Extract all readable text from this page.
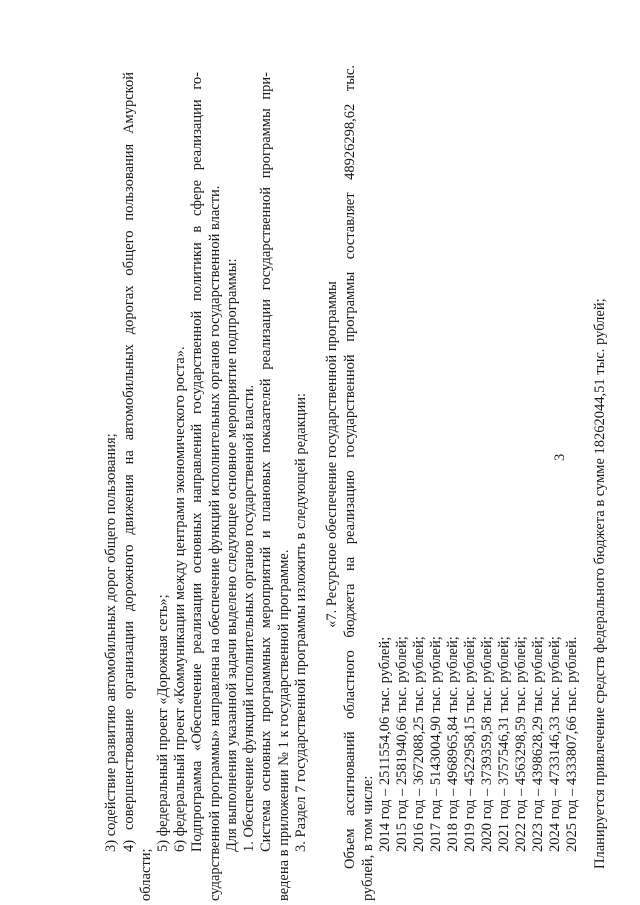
3
3) содействие развитию автомобильных дорог общего пользования; 4) совершенствование организации дорожного движения на автомобильных дорогах общего пользования Амурской
области;
5) федеральный проект «Дорожная сеть»; 6) федеральный проект «Коммуникации между центрами экономического роста». Подпрограмма «Обеспечение реализации основных направлений государственной политики в сфере реализации го- сударственной программы» направлена на обеспечение функций исполнительных органов государственной власти. Для выполнения указанной задачи выделено следующее основное мероприятие подпрограммы: 1. Обеспечение функций исполнительных органов государственной власти. Система основных программных мероприятий и плановых показателей реализации государственной программы при- ведена в приложении № 1 к государственной программе. 3. Раздел 7 государственной программы изложить в следующей редакции: «7. Ресурсное обеспечение государственной программы Объем ассигнований областного бюджета на реализацию государственной программы составляет 48926298,62 тыс. рублей, в том числе: 2014 год – 2511554,06 тыс. рублей; 2015 год – 2581940,66 тыс. рублей; 2016 год – 3672088,25 тыс. рублей; 2017 год – 5143004,90 тыс. рублей; 2018 год – 4968965,84 тыс. рублей; 2019 год – 4522958,15 тыс. рублей; 2020 год – 3739359,58 тыс. рублей; 2021 год – 3757546,31 тыс. рублей; 2022 год – 4563298,59 тыс. рублей; 2023 год – 4398628,29 тыс. рублей; 2024 год – 4733146,33 тыс. рублей; 2025 год – 4333807,66 тыс. рублей. Планируется привлечение средств федерального бюджета в сумме 18262044,51 тыс. рублей;
